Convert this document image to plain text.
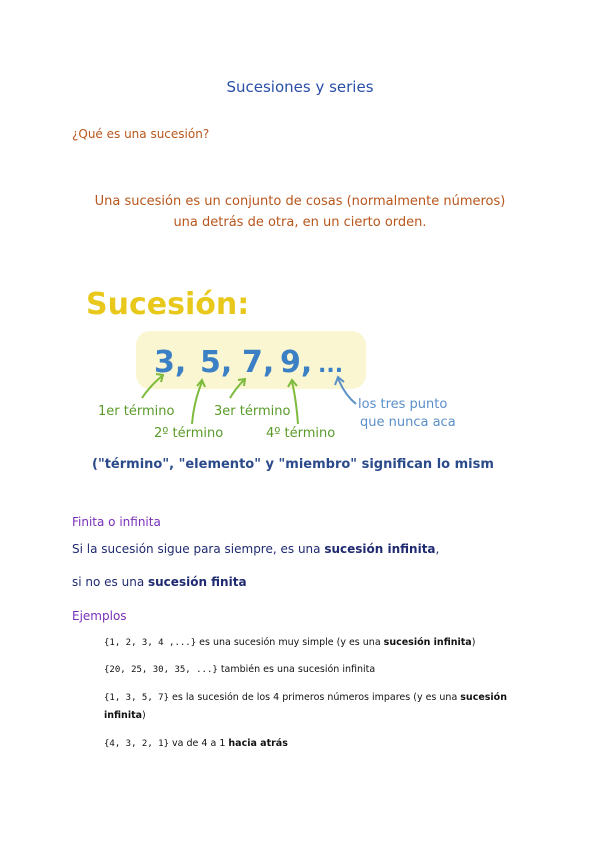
Sucesiones y series
¿Qué es una sucesión?
Una sucesión es un conjunto de cosas (normalmente números)
una detrás de otra, en un cierto orden.
Sucesión:
3, 5, 7, 9, ...
1er término
2º término
3er término
4º término
los tres punto
que nunca aca
("término", "elemento" y "miembro" significan lo mism
Finita o infinita
Si la sucesión sigue para siempre, es una sucesión infinita,
si no es una sucesión finita
Ejemplos
{1, 2, 3, 4 ,...} es una sucesión muy simple (y es una sucesión infinita)
{20, 25, 30, 35, ...} también es una sucesión infinita
{1, 3, 5, 7} es la sucesión de los 4 primeros números impares (y es una sucesión infinita)
{4, 3, 2, 1} va de 4 a 1 hacia atrás
